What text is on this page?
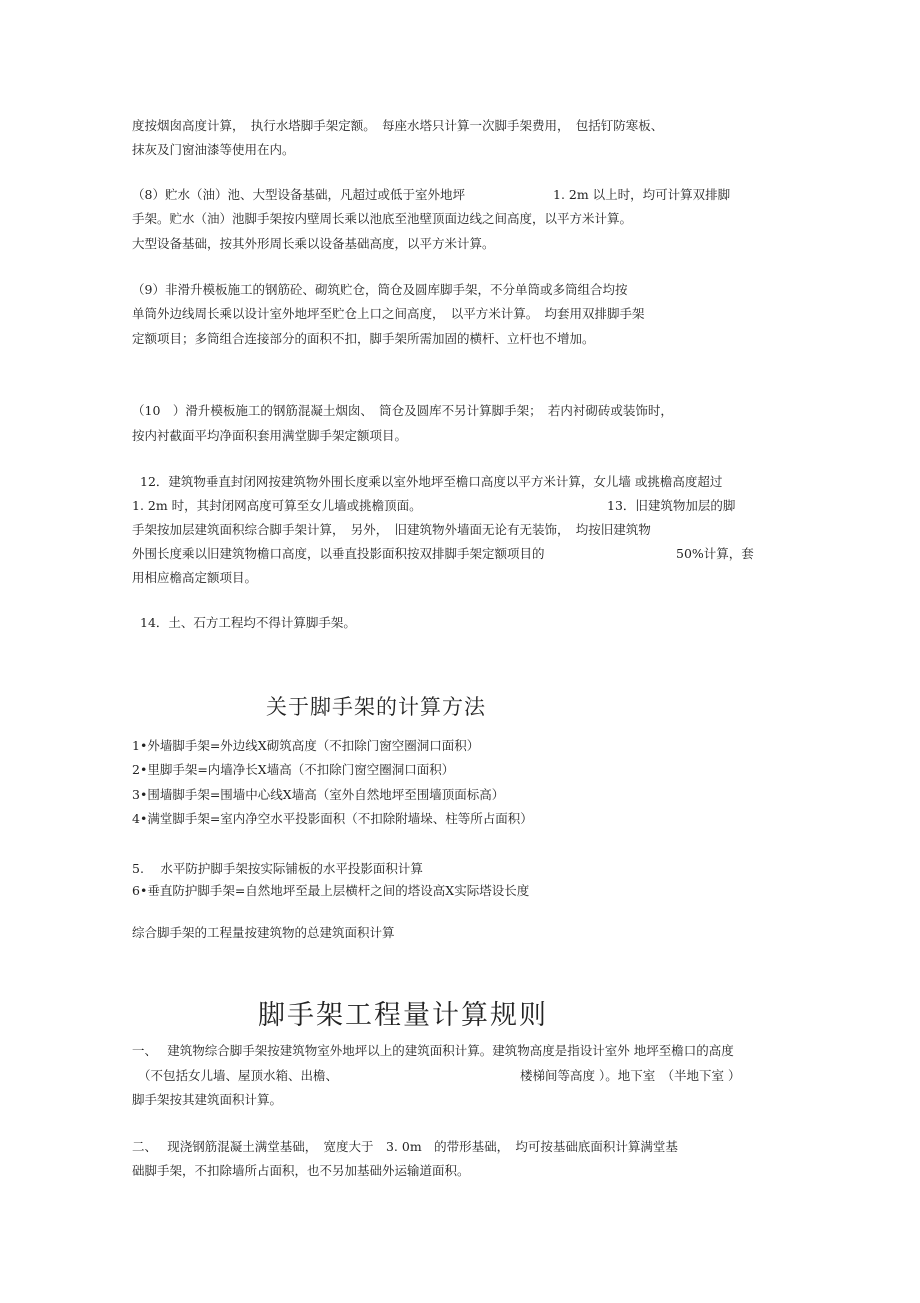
度按烟囱高度计算，　执行水塔脚手架定额。　每座水塔只计算一次脚手架费用，　包括钉防寒板、
抹灰及门窗油漆等使用在内。
（8）贮水（油）池、大型设备基础，凡超过或低于室外地坪	1. 2m 以上时，均可计算双排脚
手架。贮水（油）池脚手架按内壁周长乘以池底至池壁顶面边线之间高度，以平方米计算。
大型设备基础，按其外形周长乘以设备基础高度，以平方米计算。
（9）非滑升模板施工的钢筋砼、砌筑贮仓，筒仓及圆库脚手架，不分单筒或多筒组合均按
单筒外边线周长乘以设计室外地坪至贮仓上口之间高度，　以平方米计算。　均套用双排脚手架
定额项目；多筒组合连接部分的面积不扣，脚手架所需加固的横杆、立杆也不增加。
（10　）滑升模板施工的钢筋混凝土烟囱、　筒仓及圆库不另计算脚手架；　若内衬砌砖或装饰时，
按内衬截面平均净面积套用满堂脚手架定额项目。
12．建筑物垂直封闭网按建筑物外围长度乘以室外地坪至檐口高度以平方米计算，女儿墙 或挑檐高度超过
1. 2m 时，其封闭网高度可算至女儿墙或挑檐顶面。	13．旧建筑物加层的脚
手架按加层建筑面积综合脚手架计算，　另外，　旧建筑物外墙面无论有无装饰，　均按旧建筑物
外围长度乘以旧建筑物檐口高度，以垂直投影面积按双排脚手架定额项目的	50%计算，套
用相应檐高定额项目。
14．土、石方工程均不得计算脚手架。
关于脚手架的计算方法
1•外墙脚手架=外边线X砌筑高度（不扣除门窗空圈洞口面积）
2•里脚手架=内墙净长X墙高（不扣除门窗空圈洞口面积）
3•围墙脚手架=围墙中心线X墙高（室外自然地坪至围墙顶面标高）
4•满堂脚手架=室内净空水平投影面积（不扣除附墙垛、柱等所占面积）
5.　 水平防护脚手架按实际铺板的水平投影面积计算
6•垂直防护脚手架=自然地坪至最上层横杆之间的塔设高X实际塔设长度
综合脚手架的工程量按建筑物的总建筑面积计算
脚手架工程量计算规则
一、　 建筑物综合脚手架按建筑物室外地坪以上的建筑面积计算。建筑物高度是指设计室外 地坪至檐口的高度
（不包括女儿墙、屋顶水箱、出檐、	楼梯间等高度 ）。地下室　（半地下室 ）
脚手架按其建筑面积计算。
二、　 现浇钢筋混凝土满堂基础，　宽度大于　3. 0m　的带形基础，　均可按基础底面积计算满堂基
础脚手架，不扣除墙所占面积，也不另加基础外运输道面积。
